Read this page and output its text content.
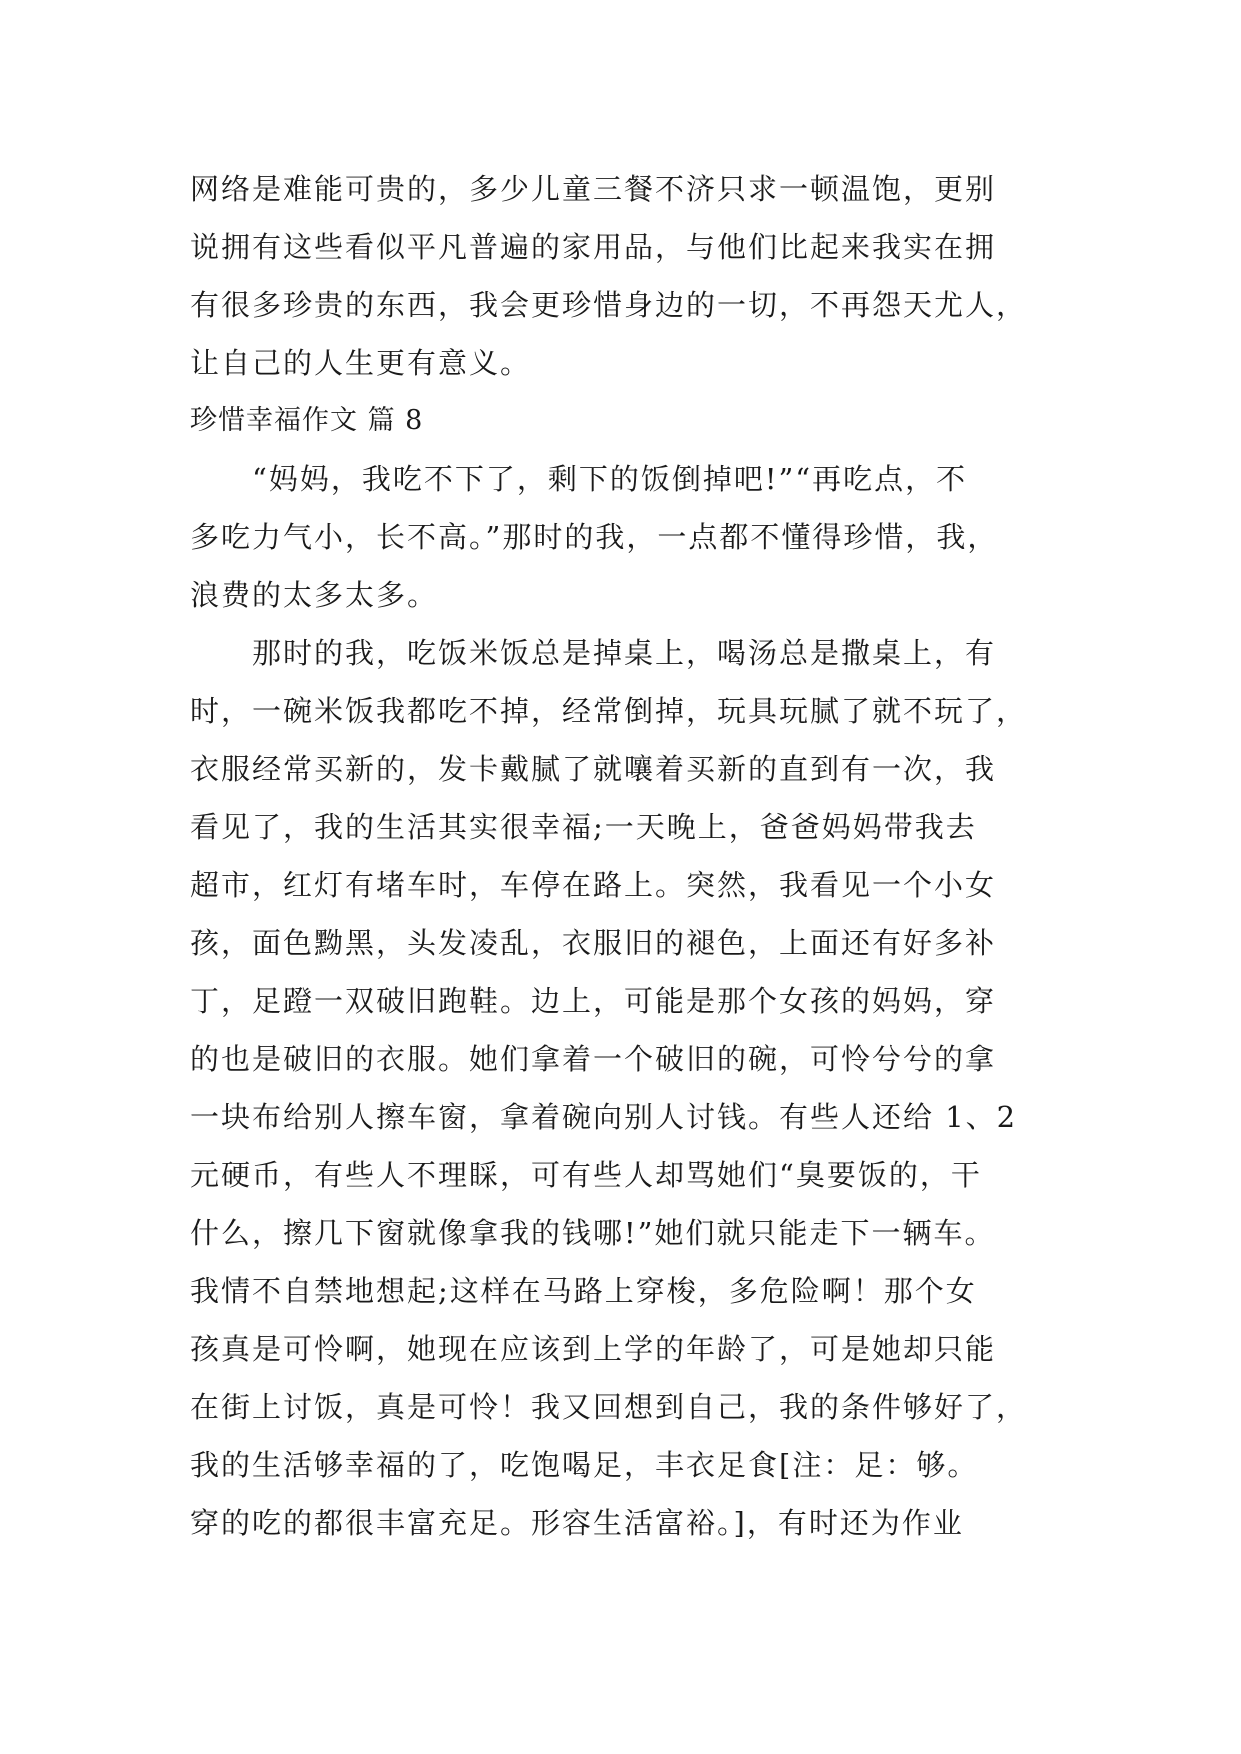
网络是难能可贵的，多少儿童三餐不济只求一顿温饱，更别
说拥有这些看似平凡普遍的家用品，与他们比起来我实在拥
有很多珍贵的东西，我会更珍惜身边的一切，不再怨天尤人，
让自己的人生更有意义。
珍惜幸福作文 篇 8
　　“妈妈，我吃不下了，剩下的饭倒掉吧!”“再吃点，不
多吃力气小，长不高。”那时的我，一点都不懂得珍惜，我，
浪费的太多太多。
　　那时的我，吃饭米饭总是掉桌上，喝汤总是撒桌上，有
时，一碗米饭我都吃不掉，经常倒掉，玩具玩腻了就不玩了，
衣服经常买新的，发卡戴腻了就嚷着买新的直到有一次，我
看见了，我的生活其实很幸福;一天晚上，爸爸妈妈带我去
超市，红灯有堵车时，车停在路上。突然，我看见一个小女
孩，面色黝黑，头发凌乱，衣服旧的褪色，上面还有好多补
丁，足蹬一双破旧跑鞋。边上，可能是那个女孩的妈妈，穿
的也是破旧的衣服。她们拿着一个破旧的碗，可怜兮兮的拿
一块布给别人擦车窗，拿着碗向别人讨钱。有些人还给 1、2
元硬币，有些人不理睬，可有些人却骂她们“臭要饭的，干
什么，擦几下窗就像拿我的钱哪!”她们就只能走下一辆车。
我情不自禁地想起;这样在马路上穿梭，多危险啊！那个女
孩真是可怜啊，她现在应该到上学的年龄了，可是她却只能
在街上讨饭，真是可怜！我又回想到自己，我的条件够好了，
我的生活够幸福的了，吃饱喝足，丰衣足食[注：足：够。
穿的吃的都很丰富充足。形容生活富裕。]，有时还为作业
